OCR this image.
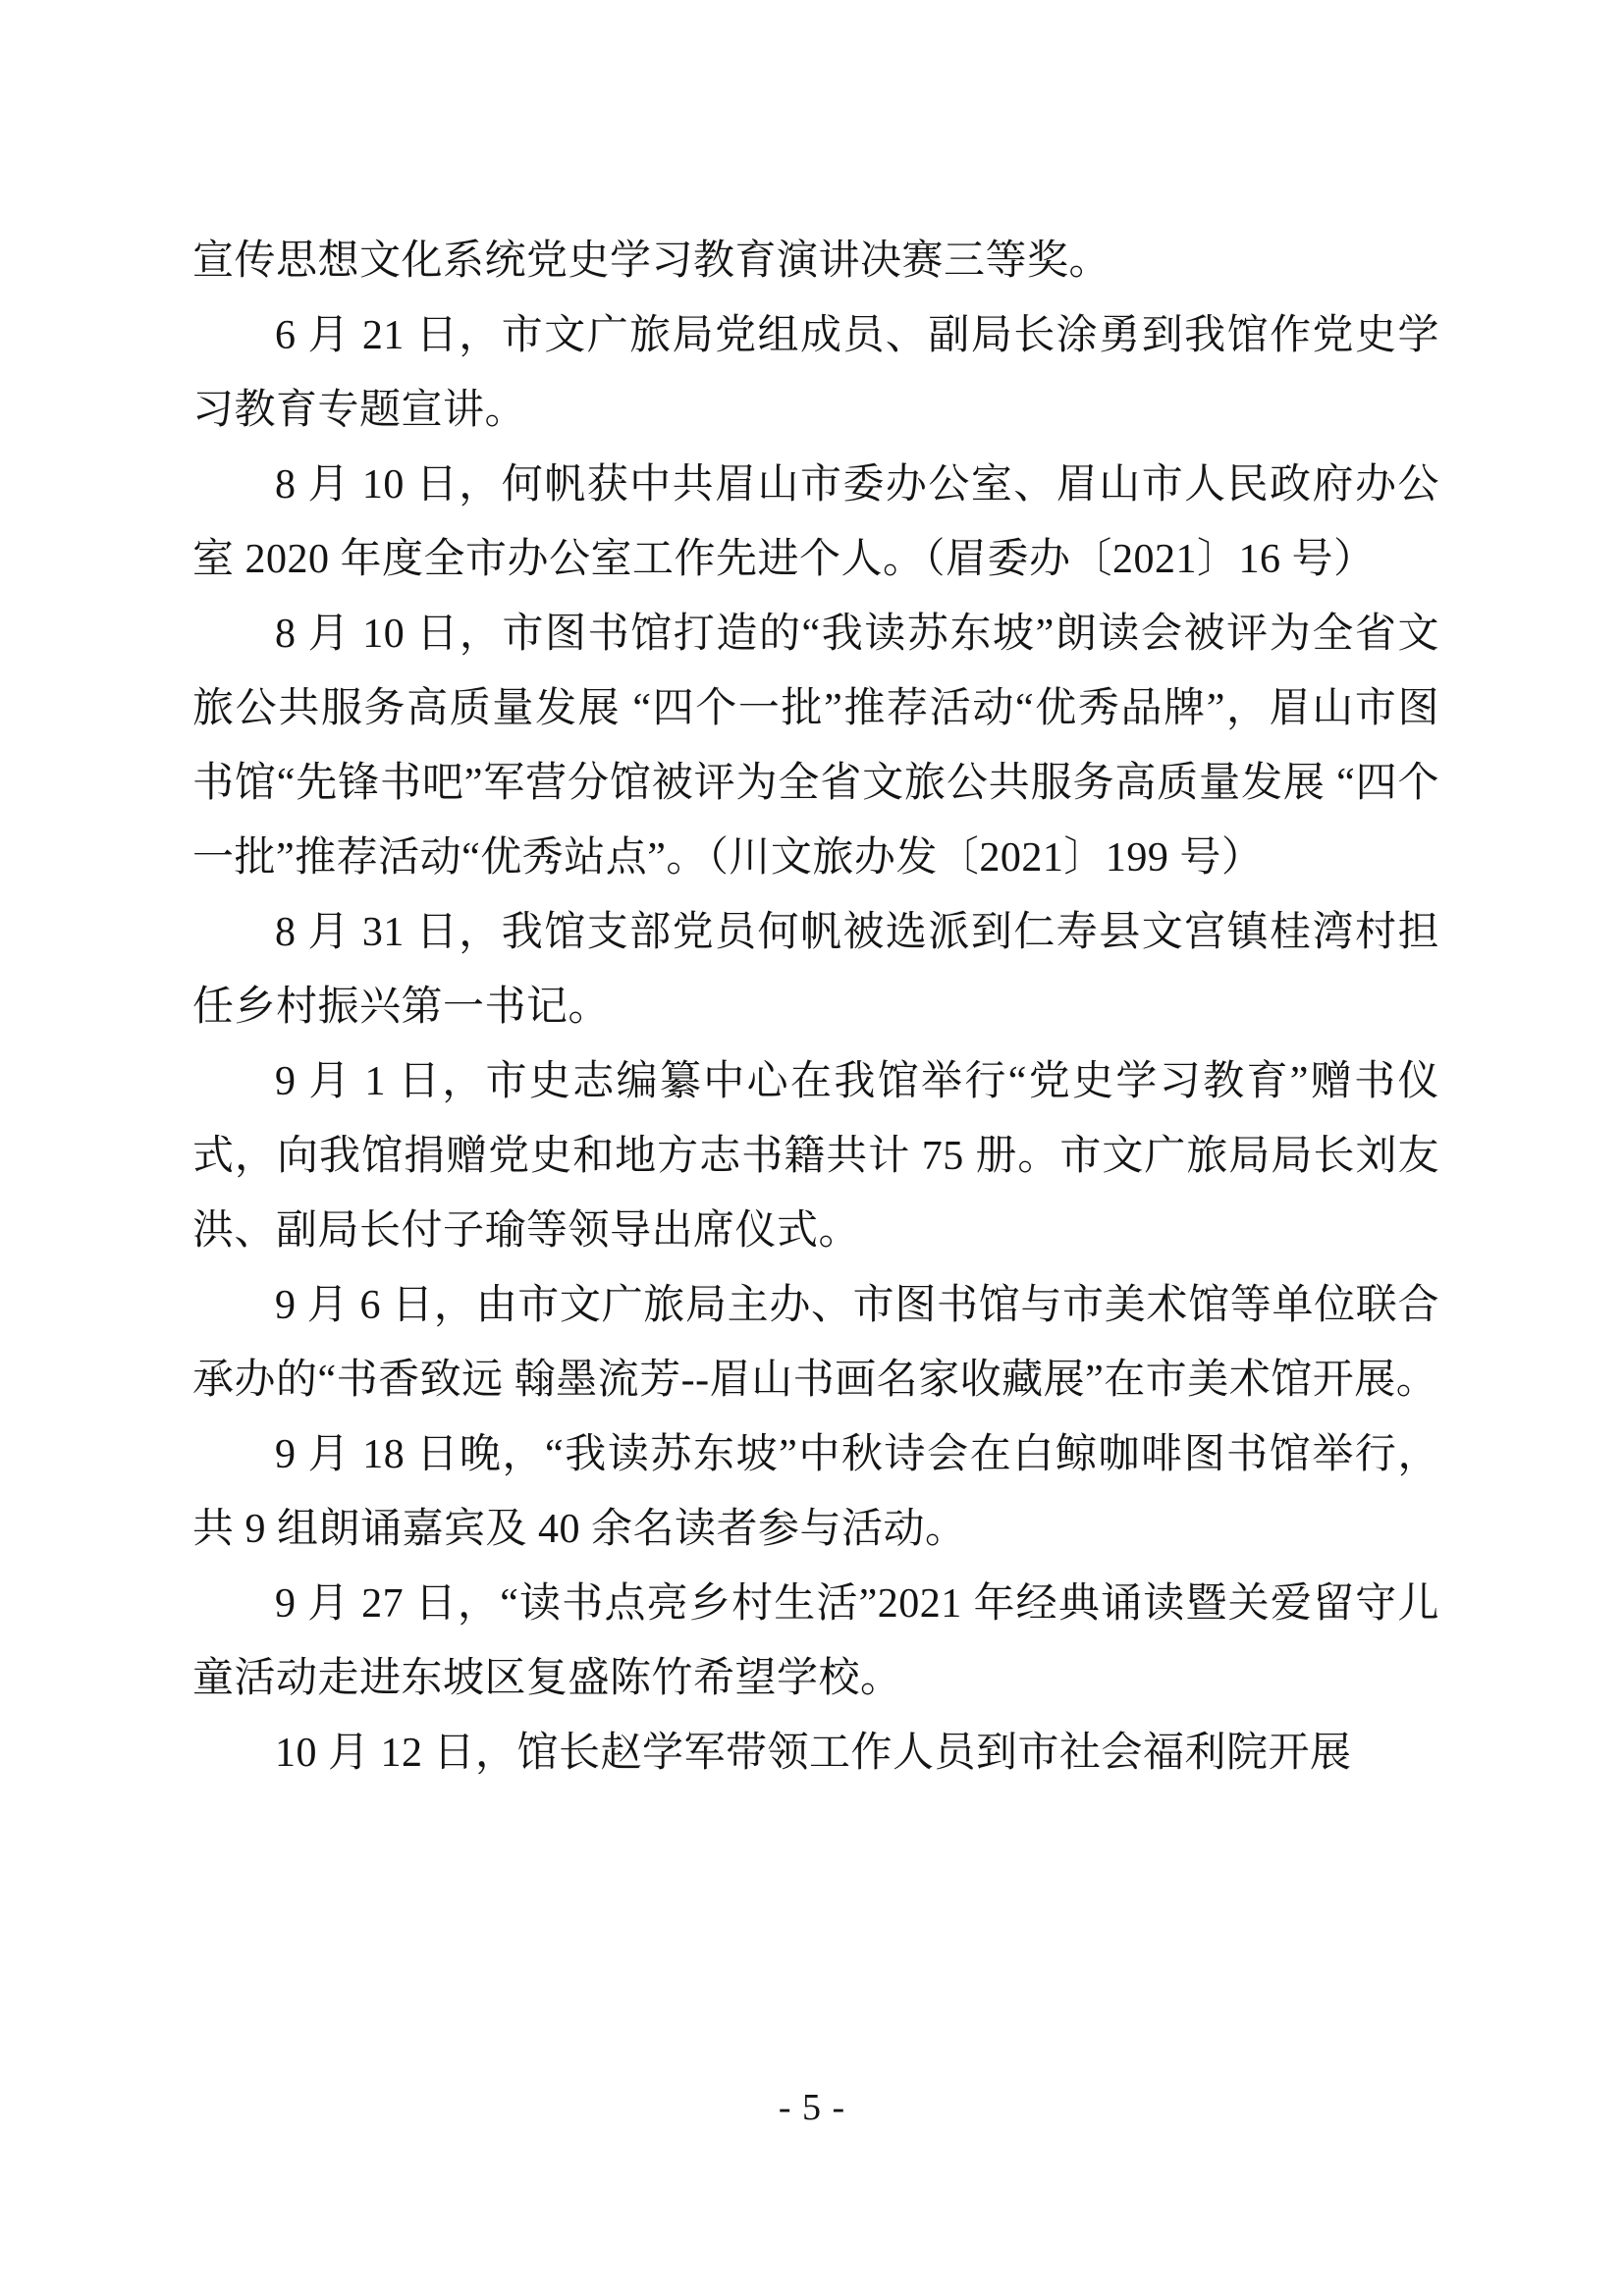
宣传思想文化系统党史学习教育演讲决赛三等奖。

6 月 21 日，市文广旅局党组成员、副局长涂勇到我馆作党史学习教育专题宣讲。

8 月 10 日，何帆获中共眉山市委办公室、眉山市人民政府办公室 2020 年度全市办公室工作先进个人。（眉委办〔2021〕16 号）

8 月 10 日，市图书馆打造的“我读苏东坡”朗读会被评为全省文旅公共服务高质量发展 “四个一批”推荐活动“优秀品牌”，眉山市图书馆“先锋书吧”军营分馆被评为全省文旅公共服务高质量发展 “四个一批”推荐活动“优秀站点”。（川文旅办发〔2021〕199 号）

8 月 31 日，我馆支部党员何帆被选派到仁寿县文宫镇桂湾村担任乡村振兴第一书记。

9 月 1 日，市史志编纂中心在我馆举行“党史学习教育”赠书仪式，向我馆捐赠党史和地方志书籍共计 75 册。市文广旅局局长刘友洪、副局长付子瑜等领导出席仪式。

9 月 6 日，由市文广旅局主办、市图书馆与市美术馆等单位联合承办的“书香致远 翰墨流芳--眉山书画名家收藏展”在市美术馆开展。

9 月 18 日晚，“我读苏东坡”中秋诗会在白鲸咖啡图书馆举行，共 9 组朗诵嘉宾及 40 余名读者参与活动。

9 月 27 日，“读书点亮乡村生活”2021 年经典诵读暨关爱留守儿童活动走进东坡区复盛陈竹希望学校。

10 月 12 日，馆长赵学军带领工作人员到市社会福利院开展

- 5 -
